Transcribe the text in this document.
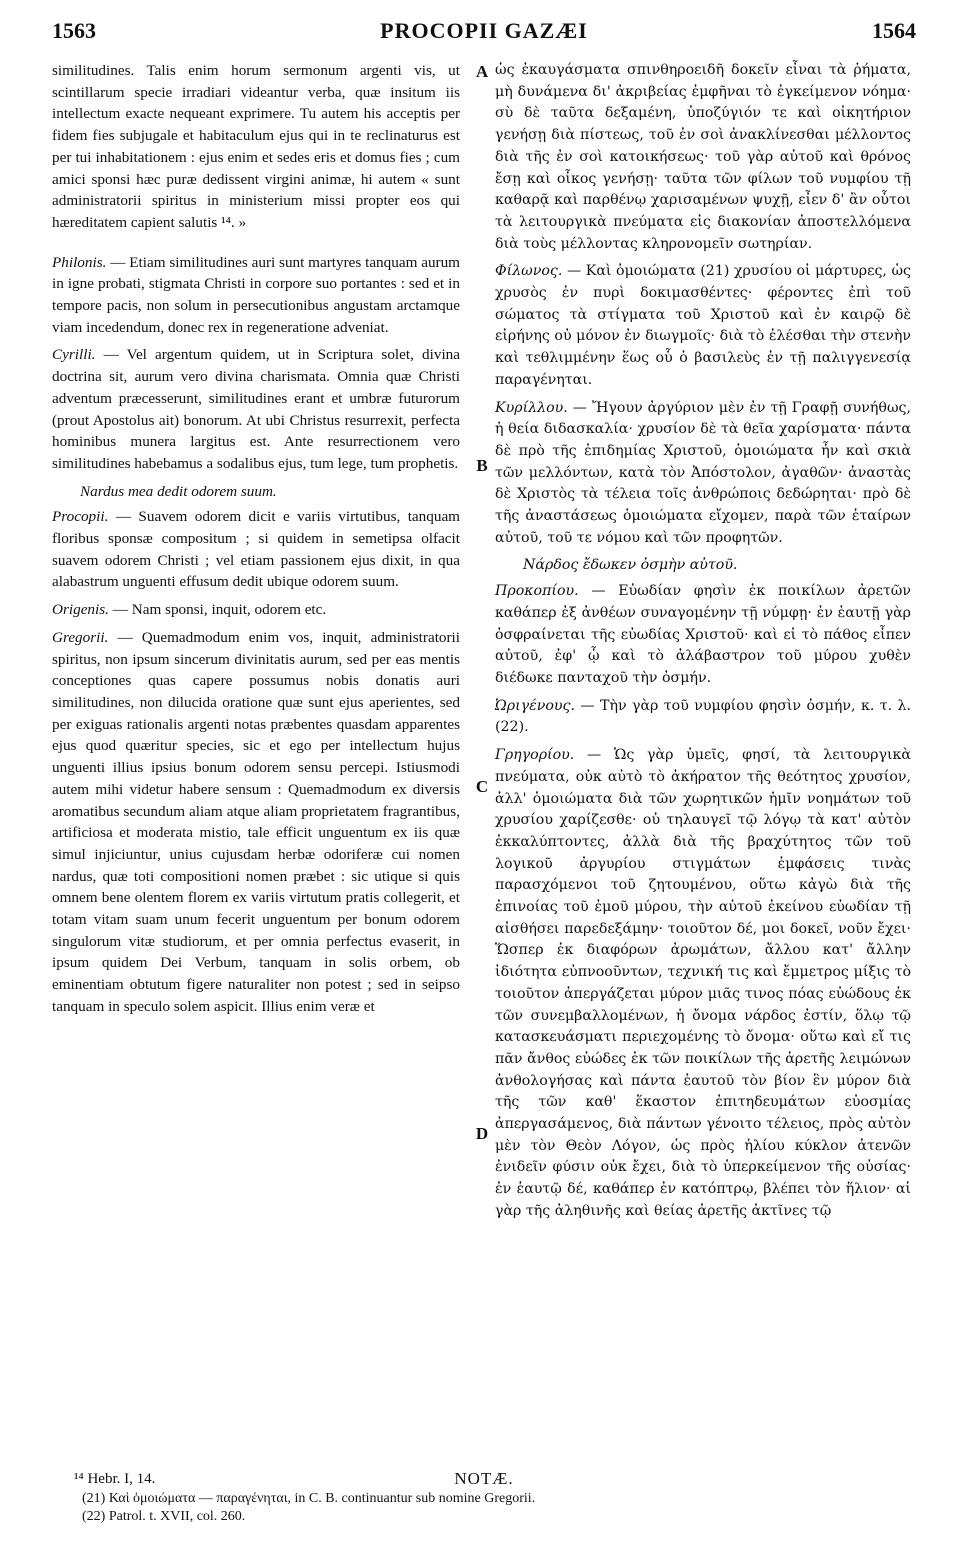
1563	PROCOPII GAZÆI	1564

similitudines. Talis enim horum sermonum argenti vis, ut scintillarum specie irradiari videantur verba, quæ insitum iis intellectum exacte nequeant exprimere. Tu autem his acceptis per fidem fies subjugale et habitaculum ejus qui in te reclinaturus est per tui inhabitationem : ejus enim et sedes eris et domus fies ; cum amici sponsi hæc puræ dedissent virgini animæ, hi autem « sunt administratorii spiritus in ministerium missi propter eos qui hæreditatem capient salutis ¹⁴. »

Philonis. — Etiam similitudines auri sunt martyres tanquam aurum in igne probati, stigmata Christi in corpore suo portantes : sed et in tempore pacis, non solum in persecutionibus angustam arctamque viam incedendum, donec rex in regeneratione adveniat.

Cyrilli. — Vel argentum quidem, ut in Scriptura solet, divina doctrina sit, aurum vero divina charismata. Omnia quæ Christi adventum præcesserunt, similitudines erant et umbræ futurorum (prout Apostolus ait) bonorum. At ubi Christus resurrexit, perfecta hominibus munera largitus est. Ante resurrectionem vero similitudines habebamus a sodalibus ejus, tum lege, tum prophetis.

Nardus mea dedit odorem suum.

Procopii. — Suavem odorem dicit e variis virtutibus, tanquam floribus sponsæ compositum ; si quidem in semetipsa olfacit suavem odorem Christi ; vel etiam passionem ejus dixit, in qua alabastrum unguenti effusum dedit ubique odorem suum.

Origenis. — Nam sponsi, inquit, odorem etc.

Gregorii. — Quemadmodum enim vos, inquit, administratorii spiritus, non ipsum sincerum divinitatis aurum, sed per eas mentis conceptiones quas capere possumus nobis donatis auri similitudines, non dilucida oratione quæ sunt ejus aperientes, sed per exiguas rationalis argenti notas præbentes quasdam apparentes ejus quod quæritur species, sic et ego per intellectum hujus unguenti illius ipsius bonum odorem sensu percepi. Istiusmodi autem mihi videtur habere sensum : Quemadmodum ex diversis aromatibus secundum aliam atque aliam proprietatem fragrantibus, artificiosa et moderata mistio, tale efficit unguentum ex iis quæ simul injiciuntur, unius cujusdam herbæ odoriferæ cui nomen nardus, quæ toti compositioni nomen præbet : sic utique si quis omnem bene olentem florem ex variis virtutum pratis collegerit, et totam vitam suam unum fecerit unguentum per bonum odorem singulorum vitæ studiorum, et per omnia perfectus evaserit, in ipsum quidem Dei Verbum, tanquam in solis orbem, ob eminentiam obtutum figere naturaliter non potest ; sed in seipso tanquam in speculo solem aspicit. Illius enim veræ et

ὡς ἐκαυγάσματα σπινθηροειδῆ δοκεῖν εἶναι τὰ ῥήματα, μὴ δυνάμενα δι' ἀκριβείας ἐμφῆναι τὸ ἐγκείμενον νόημα· σὺ δὲ ταῦτα δεξαμένη, ὑποζύγιόν τε καὶ οἰκητήριον γενήσῃ διὰ πίστεως, τοῦ ἐν σοὶ ἀνακλίνεσθαι μέλλοντος διὰ τῆς ἐν σοὶ κατοικήσεως· τοῦ γὰρ αὐτοῦ καὶ θρόνος ἔσῃ καὶ οἶκος γενήσῃ· ταῦτα τῶν φίλων τοῦ νυμφίου τῇ καθαρᾷ καὶ παρθένῳ χαρισαμένων ψυχῇ, εἶεν δ' ἂν οὗτοι τὰ λειτουργικὰ πνεύματα εἰς διακονίαν ἀποστελλόμενα διὰ τοὺς μέλλοντας κληρονομεῖν σωτηρίαν.

Φίλωνος. — Καὶ ὁμοιώματα (21) χρυσίου οἱ μάρτυρες, ὡς χρυσὸς ἐν πυρὶ δοκιμασθέντες· φέροντες ἐπὶ τοῦ σώματος τὰ στίγματα τοῦ Χριστοῦ καὶ ἐν καιρῷ δὲ εἰρήνης οὐ μόνον ἐν διωγμοῖς· διὰ τὸ ἐλέσθαι τὴν στενὴν καὶ τεθλιμμένην ἕως οὗ ὁ βασιλεὺς ἐν τῇ παλιγγενεσίᾳ παραγένηται.

Κυρίλλου. — Ἤγουν ἀργύριον μὲν ἐν τῇ Γραφῇ συνήθως, ἡ θεία διδασκαλία· χρυσίον δὲ τὰ θεῖα χαρίσματα· πάντα δὲ πρὸ τῆς ἐπιδημίας Χριστοῦ, ὁμοιώματα ἦν καὶ σκιὰ τῶν μελλόντων, κατὰ τὸν Ἀπόστολον, ἀγαθῶν· ἀναστὰς δὲ Χριστὸς τὰ τέλεια τοῖς ἀνθρώποις δεδώρηται· πρὸ δὲ τῆς ἀναστάσεως ὁμοιώματα εἴχομεν, παρὰ τῶν ἑταίρων αὐτοῦ, τοῦ τε νόμου καὶ τῶν προφητῶν.

Νάρδος ἔδωκεν ὀσμὴν αὐτοῦ.

Προκοπίου. — Εὐωδίαν φησὶν ἐκ ποικίλων ἀρετῶν καθάπερ ἐξ ἀνθέων συναγομένην τῇ νύμφῃ· ἐν ἑαυτῇ γὰρ ὀσφραίνεται τῆς εὐωδίας Χριστοῦ· καὶ εἰ τὸ πάθος εἶπεν αὐτοῦ, ἐφ' ᾧ καὶ τὸ ἀλάβαστρον τοῦ μύρου χυθὲν διέδωκε πανταχοῦ τὴν ὀσμήν.

Ὠριγένους. — Τὴν γὰρ τοῦ νυμφίου φησὶν ὀσμήν, κ. τ. λ. (22).

Γρηγορίου. — Ὡς γὰρ ὑμεῖς, φησί, τὰ λειτουργικὰ πνεύματα, οὐκ αὐτὸ τὸ ἀκήρατον τῆς θεότητος χρυσίον, ἀλλ' ὁμοιώματα διὰ τῶν χωρητικῶν ἡμῖν νοημάτων τοῦ χρυσίου χαρίζεσθε· οὐ τηλαυγεῖ τῷ λόγῳ τὰ κατ' αὐτὸν ἐκκαλύπτοντες, ἀλλὰ διὰ τῆς βραχύτητος τῶν τοῦ λογικοῦ ἀργυρίου στιγμάτων ἐμφάσεις τινὰς παρασχόμενοι τοῦ ζητουμένου, οὕτω κἀγὼ διὰ τῆς ἐπινοίας τοῦ ἐμοῦ μύρου, τὴν αὐτοῦ ἐκείνου εὐωδίαν τῇ αἰσθήσει παρεδεξάμην· τοιοῦτον δέ, μοι δοκεῖ, νοῦν ἔχει· Ὥσπερ ἐκ διαφόρων ἀρωμάτων, ἄλλου κατ' ἄλλην ἰδιότητα εὐπνοοῦντων, τεχνική τις καὶ ἔμμετρος μίξις τὸ τοιοῦτον ἀπεργάζεται μύρον μιᾶς τινος πόας εὐώδους ἐκ τῶν συνεμβαλλομένων, ἡ ὄνομα νάρδος ἐστίν, ὅλῳ τῷ κατασκευάσματι περιεχομένης τὸ ὄνομα· οὕτω καὶ εἴ τις πᾶν ἄνθος εὐώδες ἐκ τῶν ποικίλων τῆς ἀρετῆς λειμώνων ἀνθολογήσας καὶ πάντα ἑαυτοῦ τὸν βίον ἓν μύρον διὰ τῆς τῶν καθ' ἕκαστον ἐπιτηδευμάτων εὐοσμίας ἀπεργασάμενος, διὰ πάντων γένοιτο τέλειος, πρὸς αὐτὸν μὲν τὸν Θεὸν Λόγον, ὡς πρὸς ἡλίου κύκλον ἀτενῶν ἐνιδεῖν φύσιν οὐκ ἔχει, διὰ τὸ ὑπερκείμενον τῆς οὐσίας· ἐν ἑαυτῷ δέ, καθάπερ ἐν κατόπτρῳ, βλέπει τὸν ἥλιον· αἱ γὰρ τῆς ἀληθινῆς καὶ θείας ἀρετῆς ἀκτῖνες τῷ

A
B
C
D
¹⁴ Hebr. I, 14.	NOTÆ.

(21) Καὶ ὁμοιώματα — παραγένηται, in C. B. continuantur sub nomine Gregorii.

(22) Patrol. t. XVII, col. 260.
